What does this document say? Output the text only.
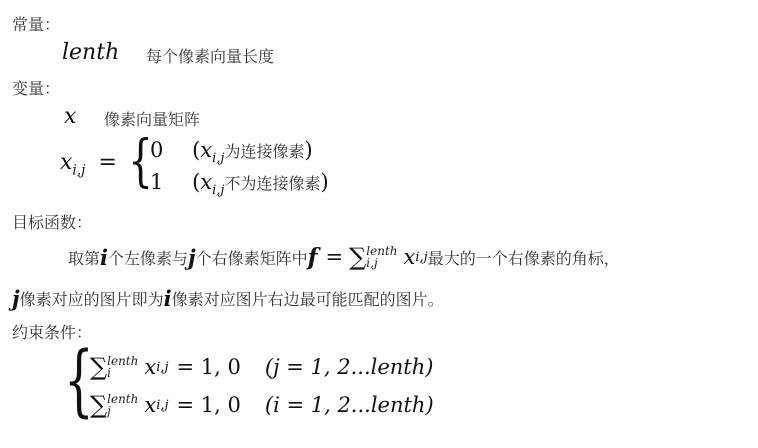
常量：
lenth 每个像素向量长度
变量：
x 像素向量矩阵
$x_{i,j}$ = {
0 ($x_{i,j}$为连接像素)
1 ($x_{i,j}$不为连接像素)
目标函数：
取第 i 个左像素与 j 个右像素矩阵中 f = ∑ lenth
i,j	x i,j 最大的一个右像素的角标，
j 像素对应的图片即为 i 像素对应图片右边最可能匹配的图片。
约束条件：
{
∑ lenth
i	x i,j = 1, 0 (j = 1, 2...lenth)
∑ lenth
j	x i,j = 1, 0 (i = 1, 2...lenth)
